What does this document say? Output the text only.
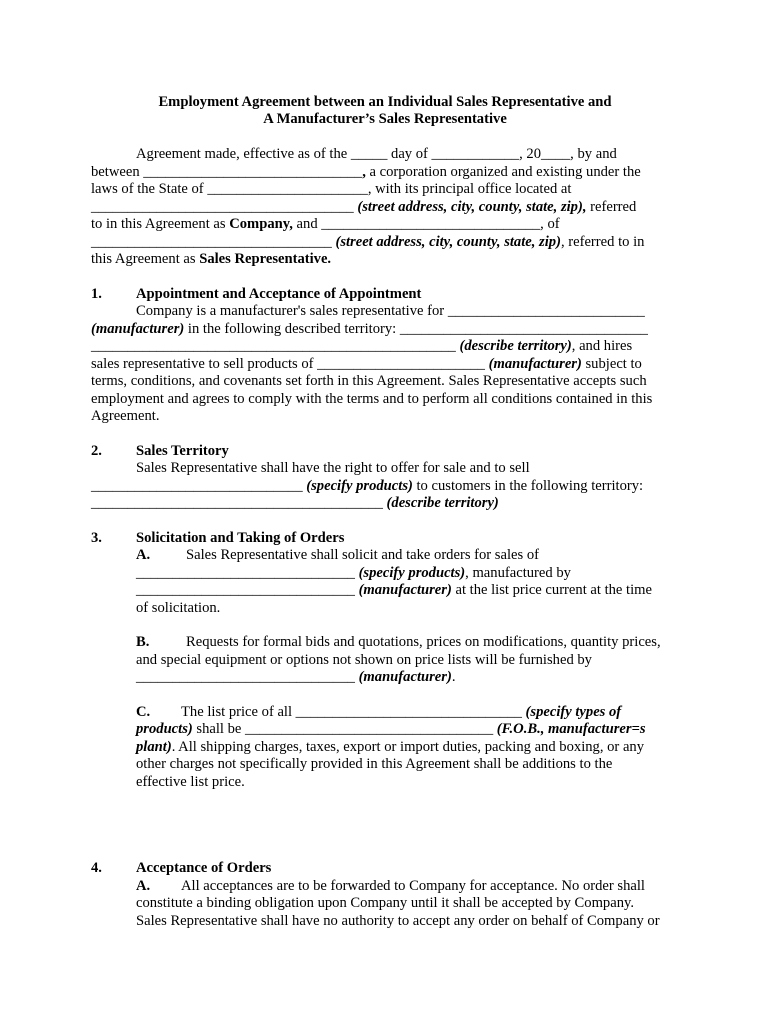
Employment Agreement between an Individual Sales Representative and
A Manufacturer’s Sales Representative
Agreement made, effective as of the _____ day of ____________, 20____, by and
between ______________________________, a corporation organized and existing under the
laws of the State of ______________________, with its principal office located at
____________________________________ (street address, city, county, state, zip), referred
to in this Agreement as Company, and ______________________________, of
_________________________________ (street address, city, county, state, zip), referred to in
this Agreement as Sales Representative.
1. Appointment and Acceptance of Appointment
Company is a manufacturer's sales representative for ___________________________
(manufacturer) in the following described territory: __________________________________
__________________________________________________ (describe territory), and hires
sales representative to sell products of _______________________ (manufacturer) subject to
terms, conditions, and covenants set forth in this Agreement. Sales Representative accepts such
employment and agrees to comply with the terms and to perform all conditions contained in this
Agreement.
2. Sales Territory
Sales Representative shall have the right to offer for sale and to sell
_____________________________ (specify products) to customers in the following territory:
________________________________________ (describe territory)
3. Solicitation and Taking of Orders
A. Sales Representative shall solicit and take orders for sales of
______________________________ (specify products), manufactured by
______________________________ (manufacturer) at the list price current at the time
of solicitation.
B.	Requests for formal bids and quotations, prices on modifications, quantity prices,
and special equipment or options not shown on price lists will be furnished by
______________________________ (manufacturer).
C. The list price of all _______________________________ (specify types of
products) shall be __________________________________ (F.O.B., manufacturer=s
plant). All shipping charges, taxes, export or import duties, packing and boxing, or any
other charges not specifically provided in this Agreement shall be additions to the
effective list price.
4. Acceptance of Orders
A. All acceptances are to be forwarded to Company for acceptance. No order shall
constitute a binding obligation upon Company until it shall be accepted by Company.
Sales Representative shall have no authority to accept any order on behalf of Company or
